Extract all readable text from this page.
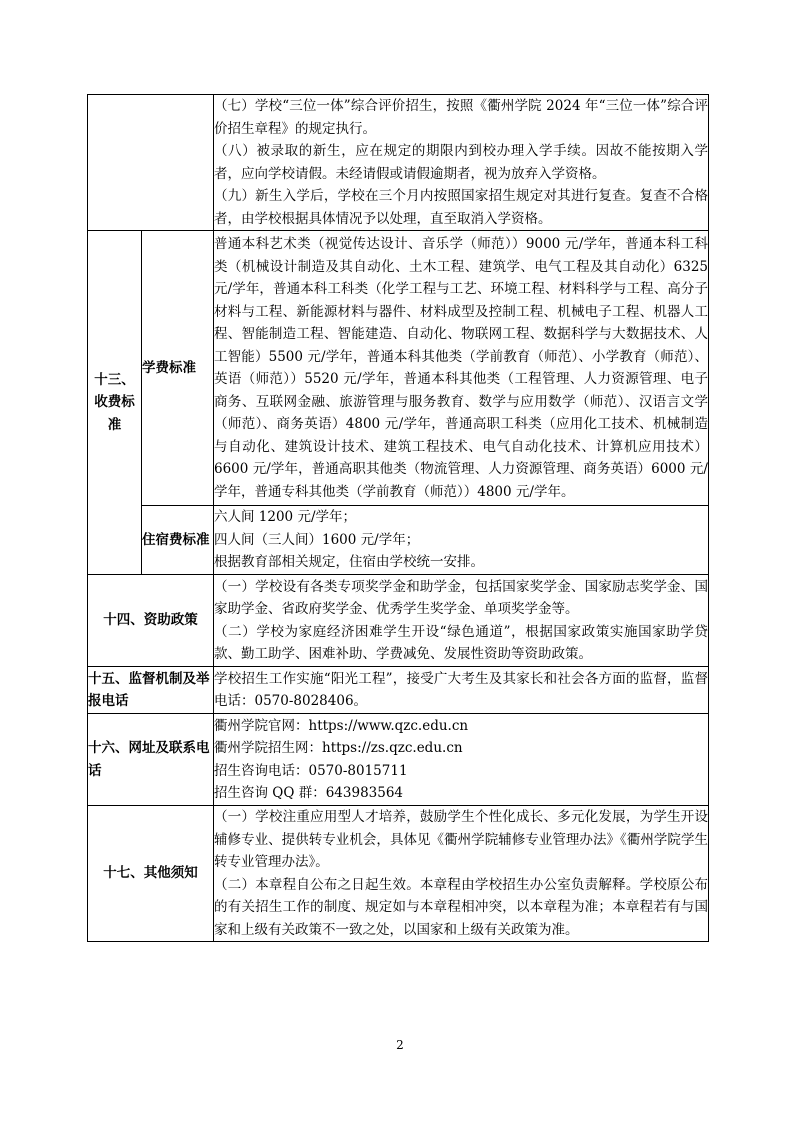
		（七）学校“三位一体”综合评价招生，按照《衢州学院 2024 年“三位一体”综合评价招生章程》的规定执行。

（八）被录取的新生，应在规定的期限内到校办理入学手续。因故不能按期入学者，应向学校请假。未经请假或请假逾期者，视为放弃入学资格。

（九）新生入学后，学校在三个月内按照国家招生规定对其进行复查。复查不合格者，由学校根据具体情况予以处理，直至取消入学资格。

十三、收费标准	学费标准	普通本科艺术类（视觉传达设计、音乐学（师范））9000 元/学年，普通本科工科类（机械设计制造及其自动化、土木工程、建筑学、电气工程及其自动化）6325 元/学年，普通本科工科类（化学工程与工艺、环境工程、材料科学与工程、高分子材料与工程、新能源材料与器件、材料成型及控制工程、机械电子工程、机器人工程、智能制造工程、智能建造、自动化、物联网工程、数据科学与大数据技术、人工智能）5500 元/学年，普通本科其他类（学前教育（师范）、小学教育（师范）、英语（师范））5520 元/学年，普通本科其他类（工程管理、人力资源管理、电子商务、互联网金融、旅游管理与服务教育、数学与应用数学（师范）、汉语言文学（师范）、商务英语）4800 元/学年，普通高职工科类（应用化工技术、机械制造与自动化、建筑设计技术、建筑工程技术、电气自动化技术、计算机应用技术）6600 元/学年，普通高职其他类（物流管理、人力资源管理、商务英语）6000 元/学年，普通专科其他类（学前教育（师范））4800 元/学年。

	住宿费标准	六人间 1200 元/学年；

四人间（三人间）1600 元/学年；

根据教育部相关规定，住宿由学校统一安排。

十四、资助政策		（一）学校设有各类专项奖学金和助学金，包括国家奖学金、国家励志奖学金、国家助学金、省政府奖学金、优秀学生奖学金、单项奖学金等。

（二）学校为家庭经济困难学生开设“绿色通道”，根据国家政策实施国家助学贷款、勤工助学、困难补助、学费减免、发展性资助等资助政策。

十五、监督机制及举报电话		学校招生工作实施“阳光工程”，接受广大考生及其家长和社会各方面的监督，监督电话：0570-8028406。

十六、网址及联系电话		衢州学院官网：https://www.qzc.edu.cn

衢州学院招生网：https://zs.qzc.edu.cn

招生咨询电话：0570-8015711

招生咨询 QQ 群：643983564

十七、其他须知		（一）学校注重应用型人才培养，鼓励学生个性化成长、多元化发展，为学生开设辅修专业、提供转专业机会，具体见《衢州学院辅修专业管理办法》《衢州学院学生转专业管理办法》。

（二）本章程自公布之日起生效。本章程由学校招生办公室负责解释。学校原公布的有关招生工作的制度、规定如与本章程相冲突，以本章程为准；本章程若有与国家和上级有关政策不一致之处，以国家和上级有关政策为准。

2
